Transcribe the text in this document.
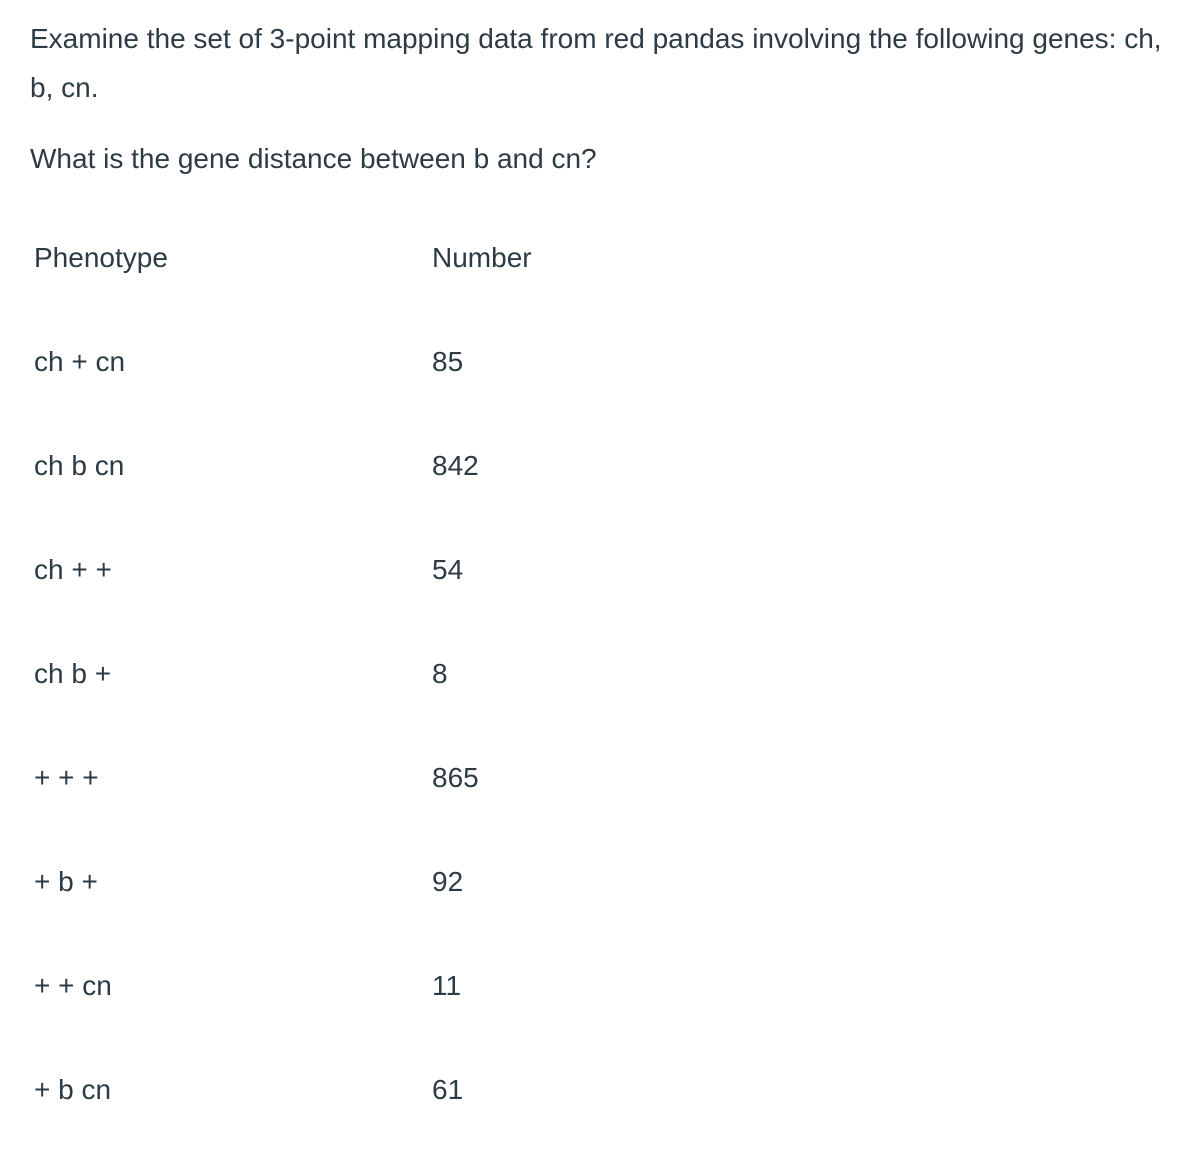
Examine the set of 3-point mapping data from red pandas involving the following genes: ch, b, cn.

What is the gene distance between b and cn?

Phenotype	Number
ch + cn	85
ch b cn	842
ch + +	54
ch b +	8
+ + +	865
+ b +	92
+ + cn	11
+ b cn	61
